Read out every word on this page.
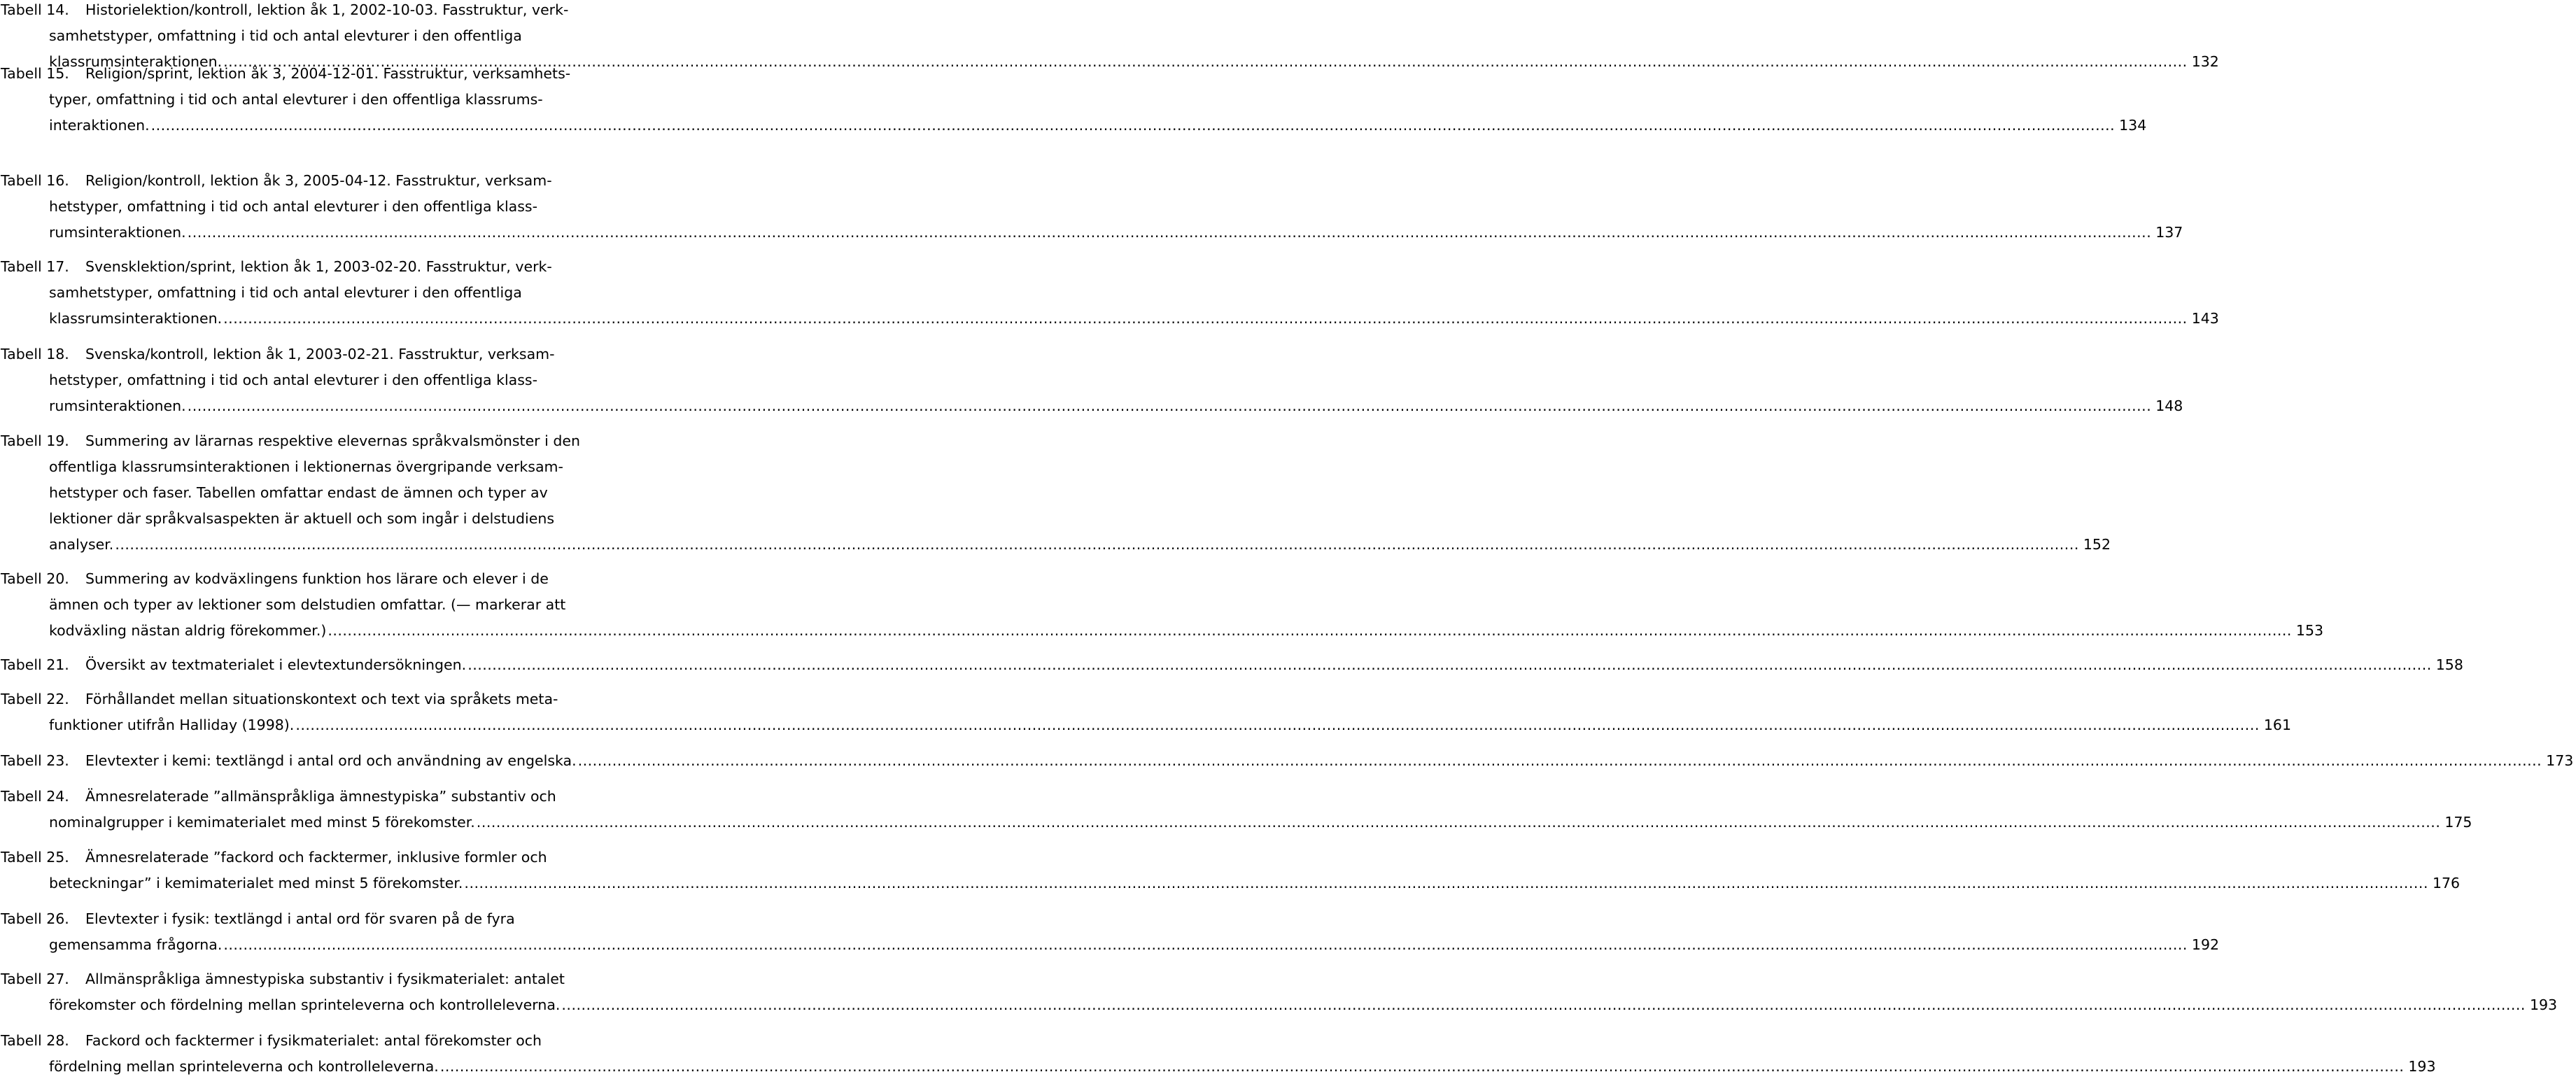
Tabell 14. Historielektion/kontroll, lektion åk 1, 2002-10-03. Fasstruktur, verk-
samhetstyper, omfattning i tid och antal elevturer i den offentliga
klassrumsinteraktionen. ................................................................................................................................................................................................................................................................................................................................................................................................................ 132
Tabell 15. Religion/sprint, lektion åk 3, 2004-12-01. Fasstruktur, verksamhets-
typer, omfattning i tid och antal elevturer i den offentliga klassrums-
interaktionen. ................................................................................................................................................................................................................................................................................................................................................................................................................ 134
Tabell 16. Religion/kontroll, lektion åk 3, 2005-04-12. Fasstruktur, verksam-
hetstyper, omfattning i tid och antal elevturer i den offentliga klass-
rumsinteraktionen. ................................................................................................................................................................................................................................................................................................................................................................................................................ 137
Tabell 17. Svensklektion/sprint, lektion åk 1, 2003-02-20. Fasstruktur, verk-
samhetstyper, omfattning i tid och antal elevturer i den offentliga
klassrumsinteraktionen. ................................................................................................................................................................................................................................................................................................................................................................................................................ 143
Tabell 18. Svenska/kontroll, lektion åk 1, 2003-02-21. Fasstruktur, verksam-
hetstyper, omfattning i tid och antal elevturer i den offentliga klass-
rumsinteraktionen. ................................................................................................................................................................................................................................................................................................................................................................................................................ 148
Tabell 19. Summering av lärarnas respektive elevernas språkvalsmönster i den
offentliga klassrumsinteraktionen i lektionernas övergripande verksam-
hetstyper och faser. Tabellen omfattar endast de ämnen och typer av
lektioner där språkvalsaspekten är aktuell och som ingår i delstudiens
analyser. ................................................................................................................................................................................................................................................................................................................................................................................................................ 152
Tabell 20. Summering av kodväxlingens funktion hos lärare och elever i de
ämnen och typer av lektioner som delstudien omfattar. (— markerar att
kodväxling nästan aldrig förekommer.) ................................................................................................................................................................................................................................................................................................................................................................................................................ 153
Tabell 21.	Översikt av textmaterialet i elevtextundersökningen. ................................................................................................................................................................................................................................................................................................................................................................................................................ 158
Tabell 22. Förhållandet mellan situationskontext och text via språkets meta-
funktioner utifrån Halliday (1998). ................................................................................................................................................................................................................................................................................................................................................................................................................ 161
Tabell 23.	Elevtexter i kemi: textlängd i antal ord och användning av engelska. ................................................................................................................................................................................................................................................................................................................................................................................................................ 173
Tabell 24. Ämnesrelaterade ”allmänspråkliga ämnestypiska” substantiv och
nominalgrupper i kemimaterialet med minst 5 förekomster. ................................................................................................................................................................................................................................................................................................................................................................................................................ 175
Tabell 25. Ämnesrelaterade ”fackord och facktermer, inklusive formler och
beteckningar” i kemimaterialet med minst 5 förekomster. ................................................................................................................................................................................................................................................................................................................................................................................................................ 176
Tabell 26. Elevtexter i fysik: textlängd i antal ord för svaren på de fyra
gemensamma frågorna. ................................................................................................................................................................................................................................................................................................................................................................................................................ 192
Tabell 27. Allmänspråkliga ämnestypiska substantiv i fysikmaterialet: antalet
förekomster och fördelning mellan sprinteleverna och kontrolleleverna. ................................................................................................................................................................................................................................................................................................................................................................................................................ 193
Tabell 28. Fackord och facktermer i fysikmaterialet: antal förekomster och
fördelning mellan sprinteleverna och kontrolleleverna. ................................................................................................................................................................................................................................................................................................................................................................................................................ 193
